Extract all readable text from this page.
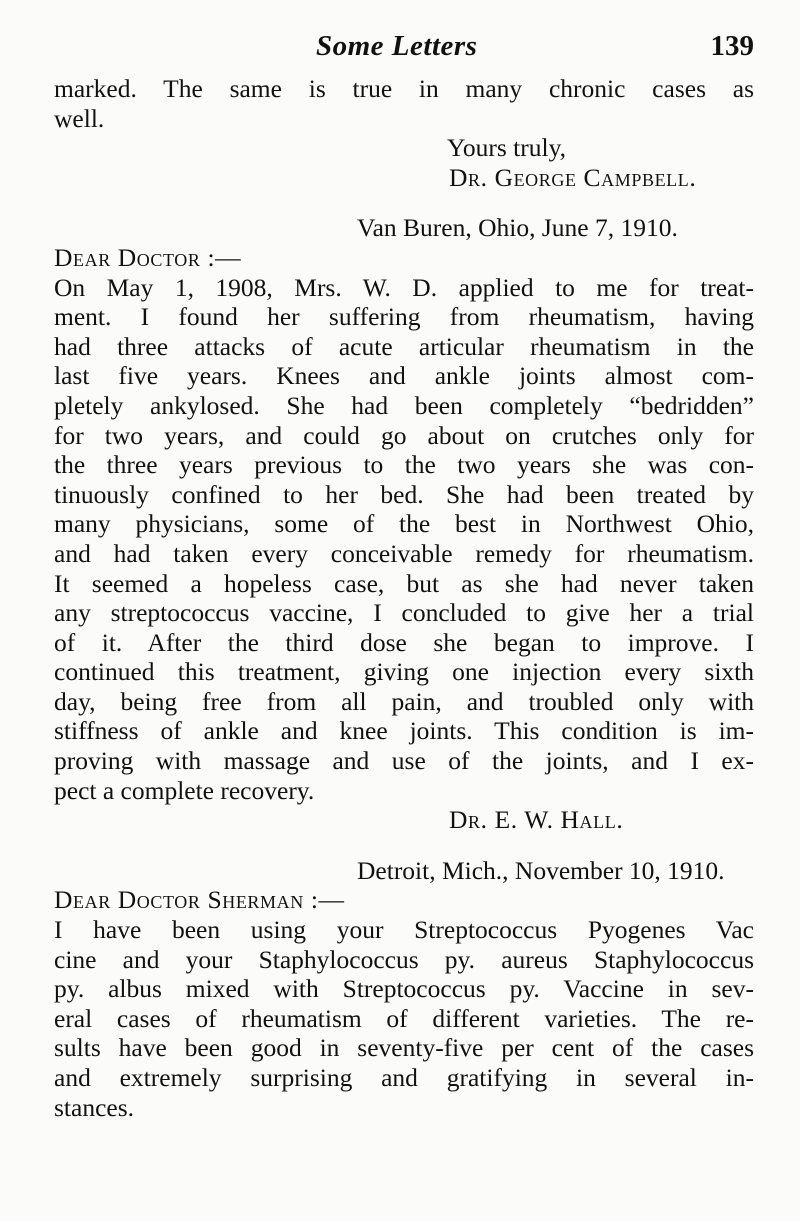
Some Letters	139
marked. The same is true in many chronic cases as
well.
Yours truly,
Dr. George Campbell.
Van Buren, Ohio, June 7, 1910.
Dear Doctor :—
On May 1, 1908, Mrs. W. D. applied to me for treat-
ment. I found her suffering from rheumatism, having
had three attacks of acute articular rheumatism in the
last five years. Knees and ankle joints almost com-
pletely ankylosed. She had been completely “bedridden”
for two years, and could go about on crutches only for
the three years previous to the two years she was con-
tinuously confined to her bed. She had been treated by
many physicians, some of the best in Northwest Ohio,
and had taken every conceivable remedy for rheumatism.
It seemed a hopeless case, but as she had never taken
any streptococcus vaccine, I concluded to give her a trial
of it. After the third dose she began to improve. I
continued this treatment, giving one injection every sixth
day, being free from all pain, and troubled only with
stiffness of ankle and knee joints. This condition is im-
proving with massage and use of the joints, and I ex-
pect a complete recovery.
Dr. E. W. Hall.
Detroit, Mich., November 10, 1910.
Dear Doctor Sherman :—
I have been using your Streptococcus Pyogenes Vac
cine and your Staphylococcus py. aureus Staphylococcus
py. albus mixed with Streptococcus py. Vaccine in sev-
eral cases of rheumatism of different varieties. The re-
sults have been good in seventy-five per cent of the cases
and extremely surprising and gratifying in several in-
stances.
